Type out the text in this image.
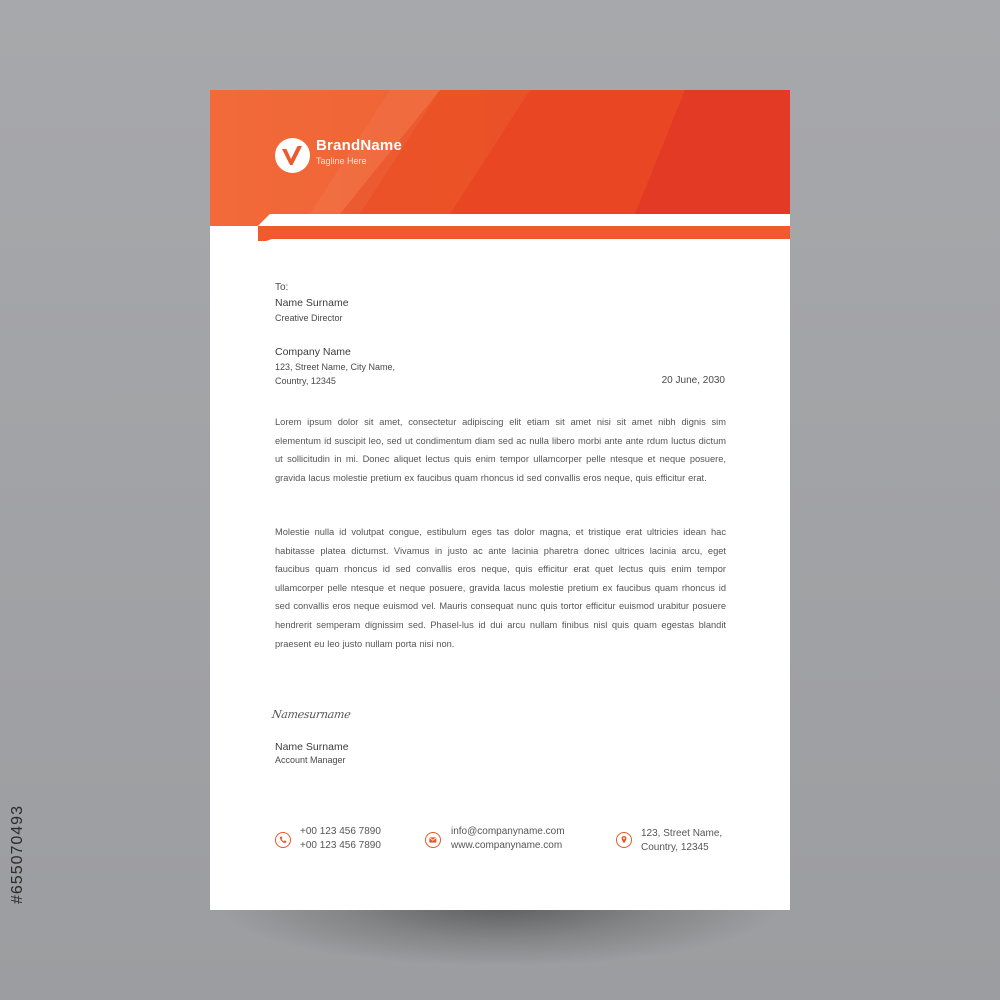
#655070493
BrandName
Tagline Here
To:
Name Surname
Creative Director
Company Name
123, Street Name, City Name,
Country, 12345	20 June, 2030
Lorem ipsum dolor sit amet, consectetur adipiscing elit etiam sit amet nisi sit amet nibh dignis sim elementum id suscipit leo, sed ut condimentum diam sed ac nulla libero morbi ante ante rdum luctus dictum ut sollicitudin in mi. Donec aliquet lectus quis enim tempor ullamcorper pelle ntesque et neque posuere, gravida lacus molestie pretium ex faucibus quam rhoncus id sed convallis eros neque, quis efficitur erat.
Molestie nulla id volutpat congue, estibulum eges tas dolor magna, et tristique erat ultricies idean hac habitasse platea dictumst. Vivamus in justo ac ante lacinia pharetra donec ultrices lacinia arcu, eget faucibus quam rhoncus id sed convallis eros neque, quis efficitur erat quet lectus quis enim tempor ullamcorper pelle ntesque et neque posuere, gravida lacus molestie pretium ex faucibus quam rhoncus id sed convallis eros neque euismod vel. Mauris consequat nunc quis tortor efficitur euismod urabitur posuere hendrerit semperam dignissim sed. Phasel-lus id dui arcu nullam finibus nisl quis quam egestas blandit praesent eu leo justo nullam porta nisi non.
Namesurname
Name Surname
Account Manager
+00 123 456 7890
+00 123 456 7890
info@companyname.com
www.companyname.com
123, Street Name,
Country, 12345
